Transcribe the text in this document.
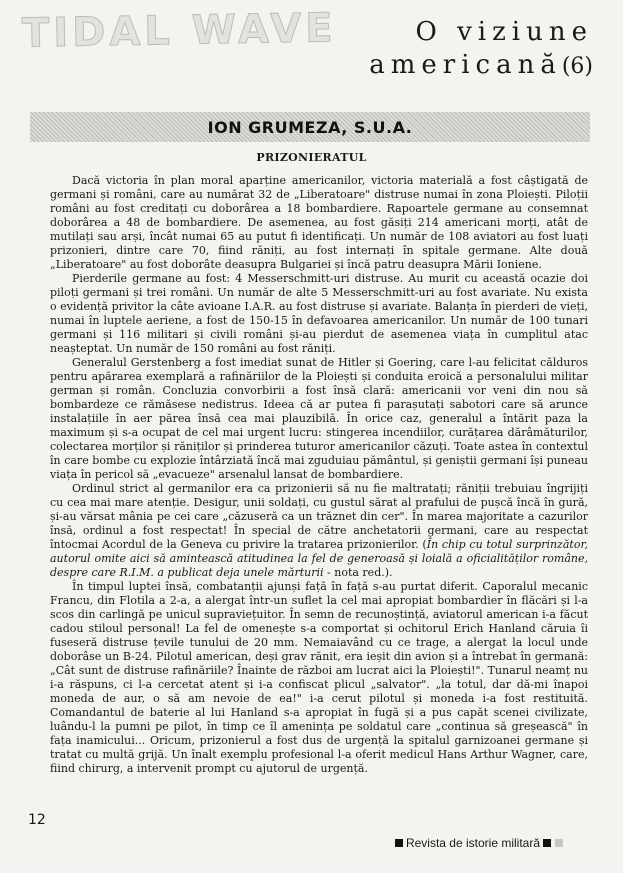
TIDAL WAVE	O viziune
americană(6)
ION GRUMEZA, S.U.A.
PRIZONIERATUL

Dacă victoria în plan moral aparține americanilor, victoria materială a fost câștigată de germani și români, care au numărat 32 de „Liberatoare" distruse numai în zona Ploiești. Piloții români au fost creditați cu doborârea a 18 bombardiere. Rapoartele germane au consemnat doborârea a 48 de bombardiere. De asemenea, au fost găsiți 214 americani morți, atât de mutilați sau arși, încât numai 65 au putut fi identificați. Un număr de 108 aviatori au fost luați prizonieri, dintre care 70, fiind răniți, au fost internați în spitale germane. Alte două „Liberatoare" au fost doborâte deasupra Bulgariei și încă patru deasupra Mării Ioniene.

Pierderile germane au fost: 4 Messerschmitt-uri distruse. Au murit cu această ocazie doi piloți germani și trei români. Un număr de alte 5 Messerschmitt-uri au fost avariate. Nu exista o evidență privitor la câte avioane I.A.R. au fost distruse și avariate. Balanța în pierderi de vieți, numai în luptele aeriene, a fost de 150-15 în defavoarea americanilor. Un număr de 100 tunari germani și 116 militari și civili români și-au pierdut de asemenea viața în cumplitul atac neașteptat. Un număr de 150 români au fost răniți.

Generalul Gerstenberg a fost imediat sunat de Hitler și Goering, care l-au felicitat călduros pentru apărarea exemplară a rafinăriilor de la Ploiești și conduita eroică a personalului militar german și român. Concluzia convorbirii a fost însă clară: americanii vor veni din nou să bombardeze ce rămăsese nedistrus. Ideea că ar putea fi parașutați sabotori care să arunce instalațiile în aer părea însă cea mai plauzibilă. În orice caz, generalul a întărit paza la maximum și s-a ocupat de cel mai urgent lucru: stingerea incendiilor, curățarea dărâmăturilor, colectarea morților și răniților și prinderea tuturor americanilor căzuți. Toate astea în contextul în care bombe cu explozie întârziată încă mai zguduiau pământul, și geniștii germani își puneau viața în pericol să „evacueze" arsenalul lansat de bombardiere.

Ordinul strict al germanilor era ca prizonierii să nu fie maltratați; răniții trebuiau îngrijiți cu cea mai mare atenție. Desigur, unii soldați, cu gustul sărat al prafului de pușcă încă în gură, și-au vărsat mânia pe cei care „căzuseră ca un trăznet din cer". În marea majoritate a cazurilor însă, ordinul a fost respectat! În special de către anchetatorii germani, care au respectat întocmai Acordul de la Geneva cu privire la tratarea prizonierilor. (În chip cu totul surprinzător, autorul omite aici să amintească atitudinea la fel de generoasă și loială a oficialităților române, despre care R.I.M. a publicat deja unele mărturii - nota red.).

În timpul luptei însă, combatanții ajunși față în față s-au purtat diferit. Caporalul mecanic Francu, din Flotila a 2-a, a alergat într-un suflet la cel mai apropiat bombardier în flăcări și l-a scos din carlingă pe unicul supraviețuitor. În semn de recunoștință, aviatorul american i-a făcut cadou stiloul personal! La fel de omenește s-a comportat și ochitorul Erich Hanland căruia îi fuseseră distruse țevile tunului de 20 mm. Nemaiavând cu ce trage, a alergat la locul unde doborâse un B-24. Pilotul american, deși grav rănit, era ieșit din avion și a întrebat în germană: „Cât sunt de distruse rafinăriile? Înainte de război am lucrat aici la Ploiești!". Tunarul neamț nu i-a răspuns, ci l-a cercetat atent și i-a confiscat plicul „salvator". „la totul, dar dă-mi înapoi moneda de aur, o să am nevoie de ea!" i-a cerut pilotul și moneda i-a fost restituită. Comandantul de baterie al lui Hanland s-a apropiat în fugă și a pus capăt scenei civilizate, luându-l la pumni pe pilot, în timp ce îl amenința pe soldatul care „continua să greșească" în fața inamicului... Oricum, prizonierul a fost dus de urgență la spitalul garnizoanei germane și tratat cu multă grijă. Un înalt exemplu profesional l-a oferit medicul Hans Arthur Wagner, care, fiind chirurg, a intervenit prompt cu ajutorul de urgență.

12
Revista de istorie militară
